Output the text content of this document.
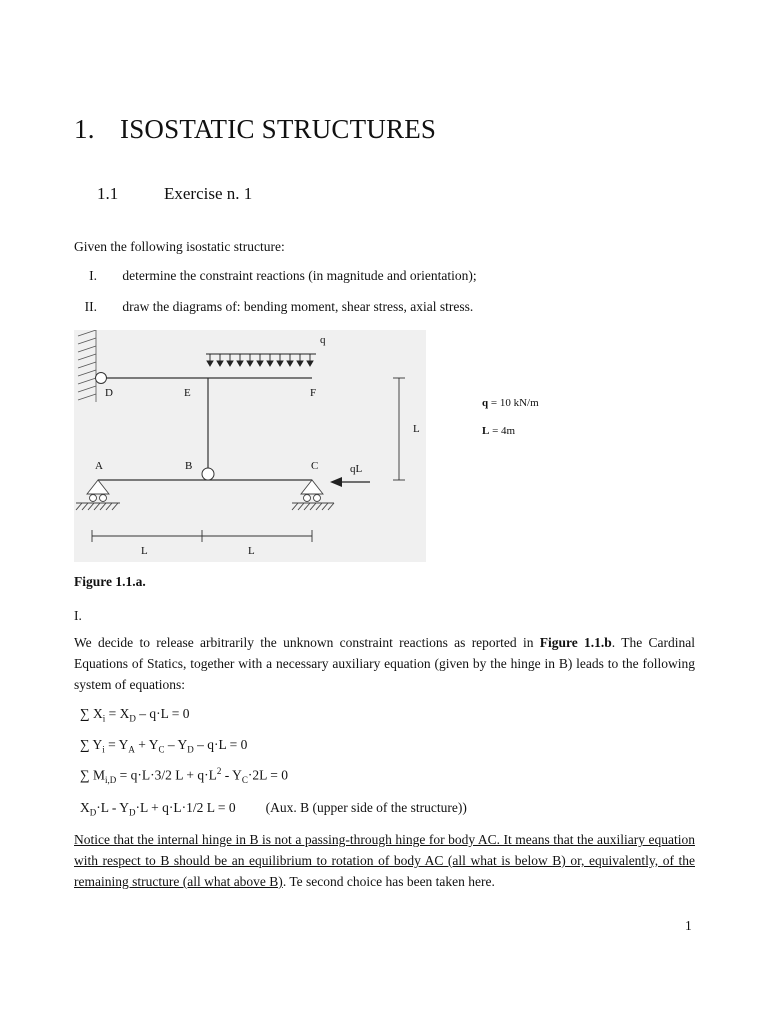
1. ISOSTATIC STRUCTURES
1.1	Exercise n. 1
Given the following isostatic structure:
I. determine the constraint reactions (in magnitude and orientation);
II. draw the diagrams of: bending moment, shear stress, axial stress.
q
D	E	F
A	B	C	qL
L
L	L
q = 10 kN/m
L = 4m
Figure 1.1.a.
I.
We decide to release arbitrarily the unknown constraint reactions as reported in Figure 1.1.b. The Cardinal Equations of Statics, together with a necessary auxiliary equation (given by the hinge in B) leads to the following system of equations:
∑ $X_i = X_D - q\cdot L = 0$
∑ $Y_i = Y_A + Y_C - Y_D - q\cdot L = 0$
∑ $M_{i,D} = q\cdot L\cdot 3/2$ $L + q\cdot L^2 - Y_C\cdot 2L = 0$
$X_D\cdot L - Y_D\cdot L + q\cdot L\cdot 1/2$ L = 0 (Aux. B (upper side of the structure))
Notice that the internal hinge in B is not a passing-through hinge for body AC. It means that the auxiliary equation with respect to B should be an equilibrium to rotation of body AC (all what is below B) or, equivalently, of the remaining structure (all what above B). Te second choice has been taken here.
1
